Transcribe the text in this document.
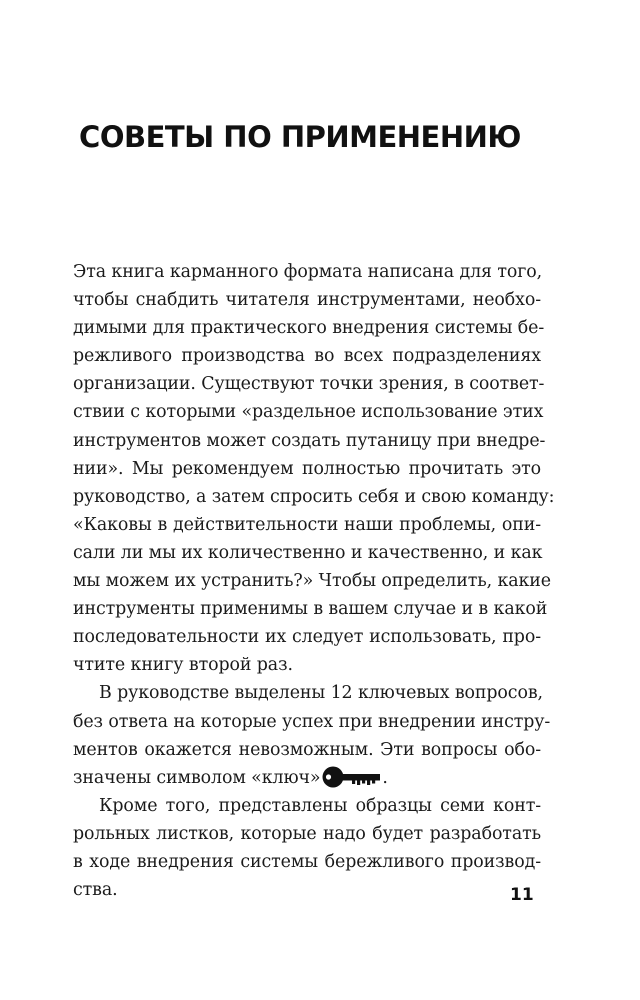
СОВЕТЫ ПО ПРИМЕНЕНИЮ
Эта книга карманного формата написана для того,
чтобы снабдить читателя инструментами, необхо-
димыми для практического внедрения системы бе-
режливого производства во всех подразделениях
организации. Существуют точки зрения, в соответ-
ствии с которыми «раздельное использование этих
инструментов может создать путаницу при внедре-
нии». Мы рекомендуем полностью прочитать это
руководство, а затем спросить себя и свою команду:
«Каковы в действительности наши проблемы, опи-
сали ли мы их количественно и качественно, и как
мы можем их устранить?» Чтобы определить, какие
инструменты применимы в вашем случае и в какой
последовательности их следует использовать, про-
чтите книгу второй раз.
В руководстве выделены 12 ключевых вопросов,
без ответа на которые успех при внедрении инстру-
ментов окажется невозможным. Эти вопросы обо-
значены символом «ключ»	.
Кроме того, представлены образцы семи конт-
рольных листков, которые надо будет разработать
в ходе внедрения системы бережливого производ-
ства.	11
